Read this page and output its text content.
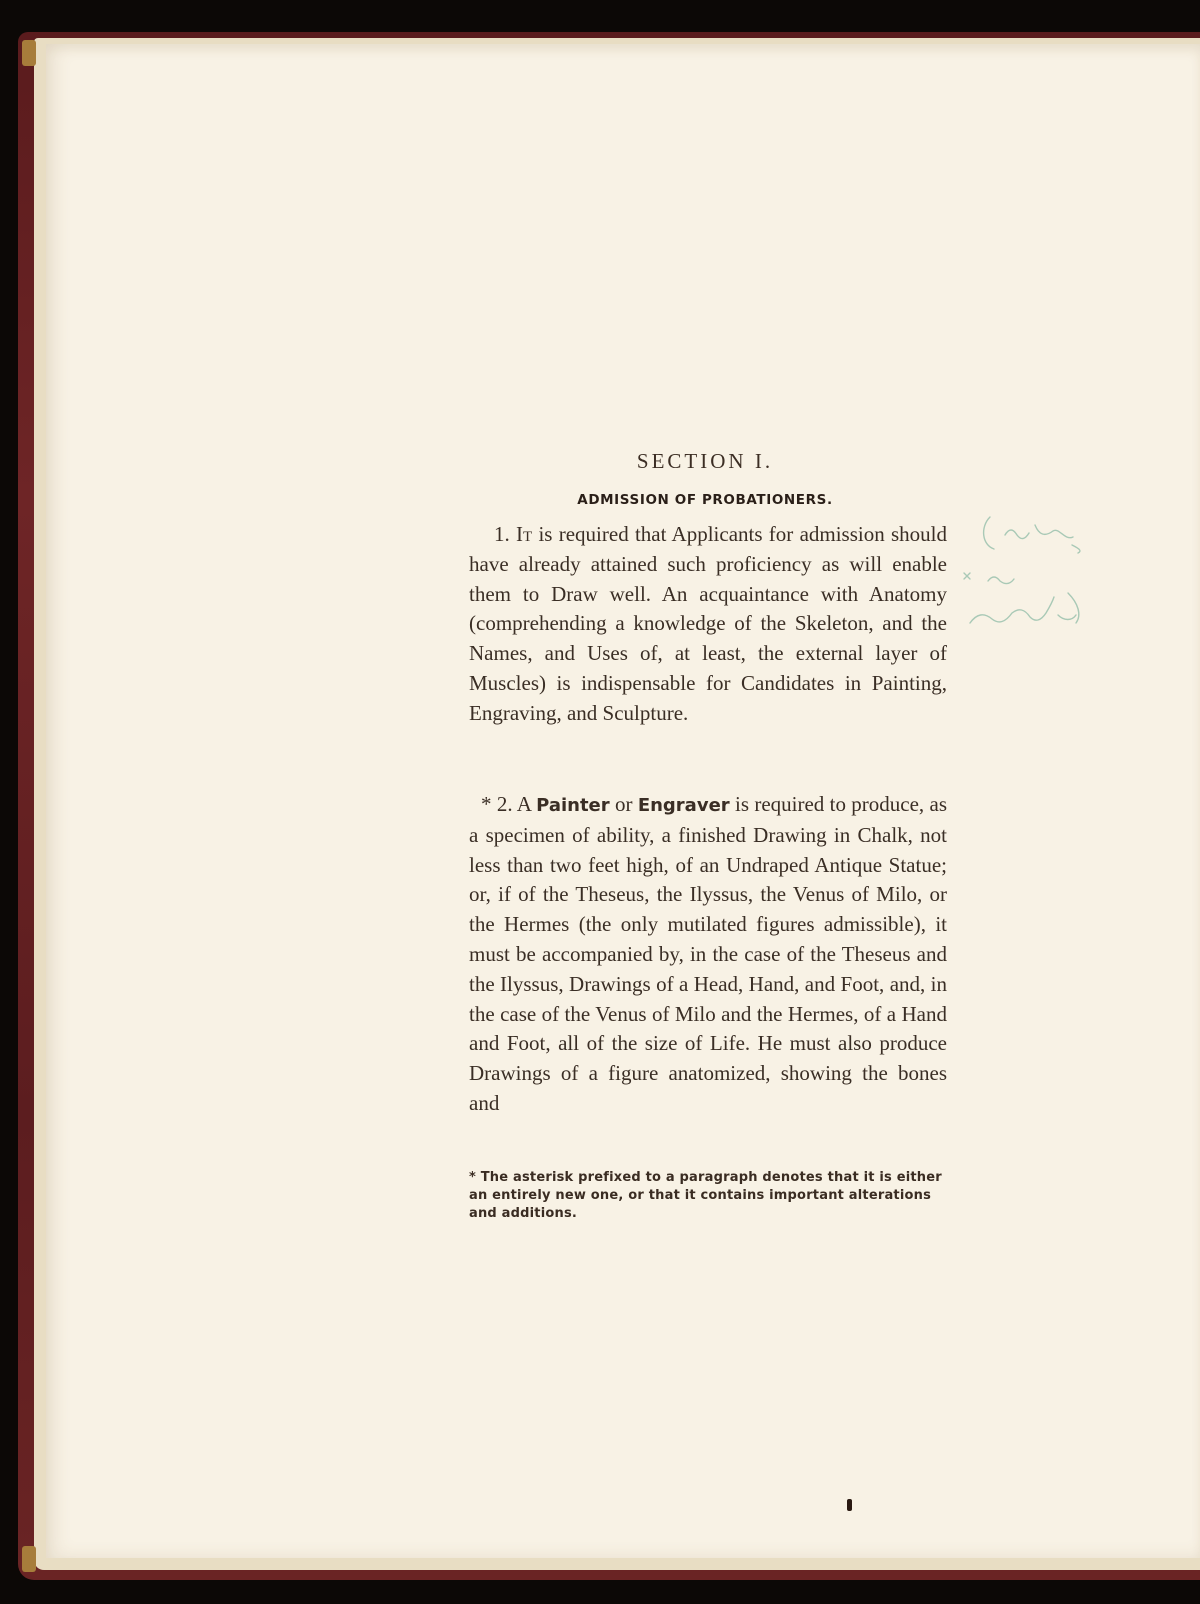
SECTION I.
ADMISSION OF PROBATIONERS.

1. It is required that Applicants for admission should have already attained such proficiency as will enable them to Draw well. An acquaintance with Anatomy (comprehending a knowledge of the Skeleton, and the Names, and Uses of, at least, the external layer of Muscles) is indispensable for Candidates in Painting, Engraving, and Sculpture.

* 2. A Painter or Engraver is required to produce, as a specimen of ability, a finished Drawing in Chalk, not less than two feet high, of an Undraped Antique Statue; or, if of the Theseus, the Ilyssus, the Venus of Milo, or the Hermes (the only mutilated figures admissible), it must be accompanied by, in the case of the Theseus and the Ilyssus, Drawings of a Head, Hand, and Foot, and, in the case of the Venus of Milo and the Hermes, of a Hand and Foot, all of the size of Life. He must also produce Drawings of a figure anatomized, showing the bones and

* The asterisk prefixed to a paragraph denotes that it is either an entirely new one, or that it contains important alterations and additions.
